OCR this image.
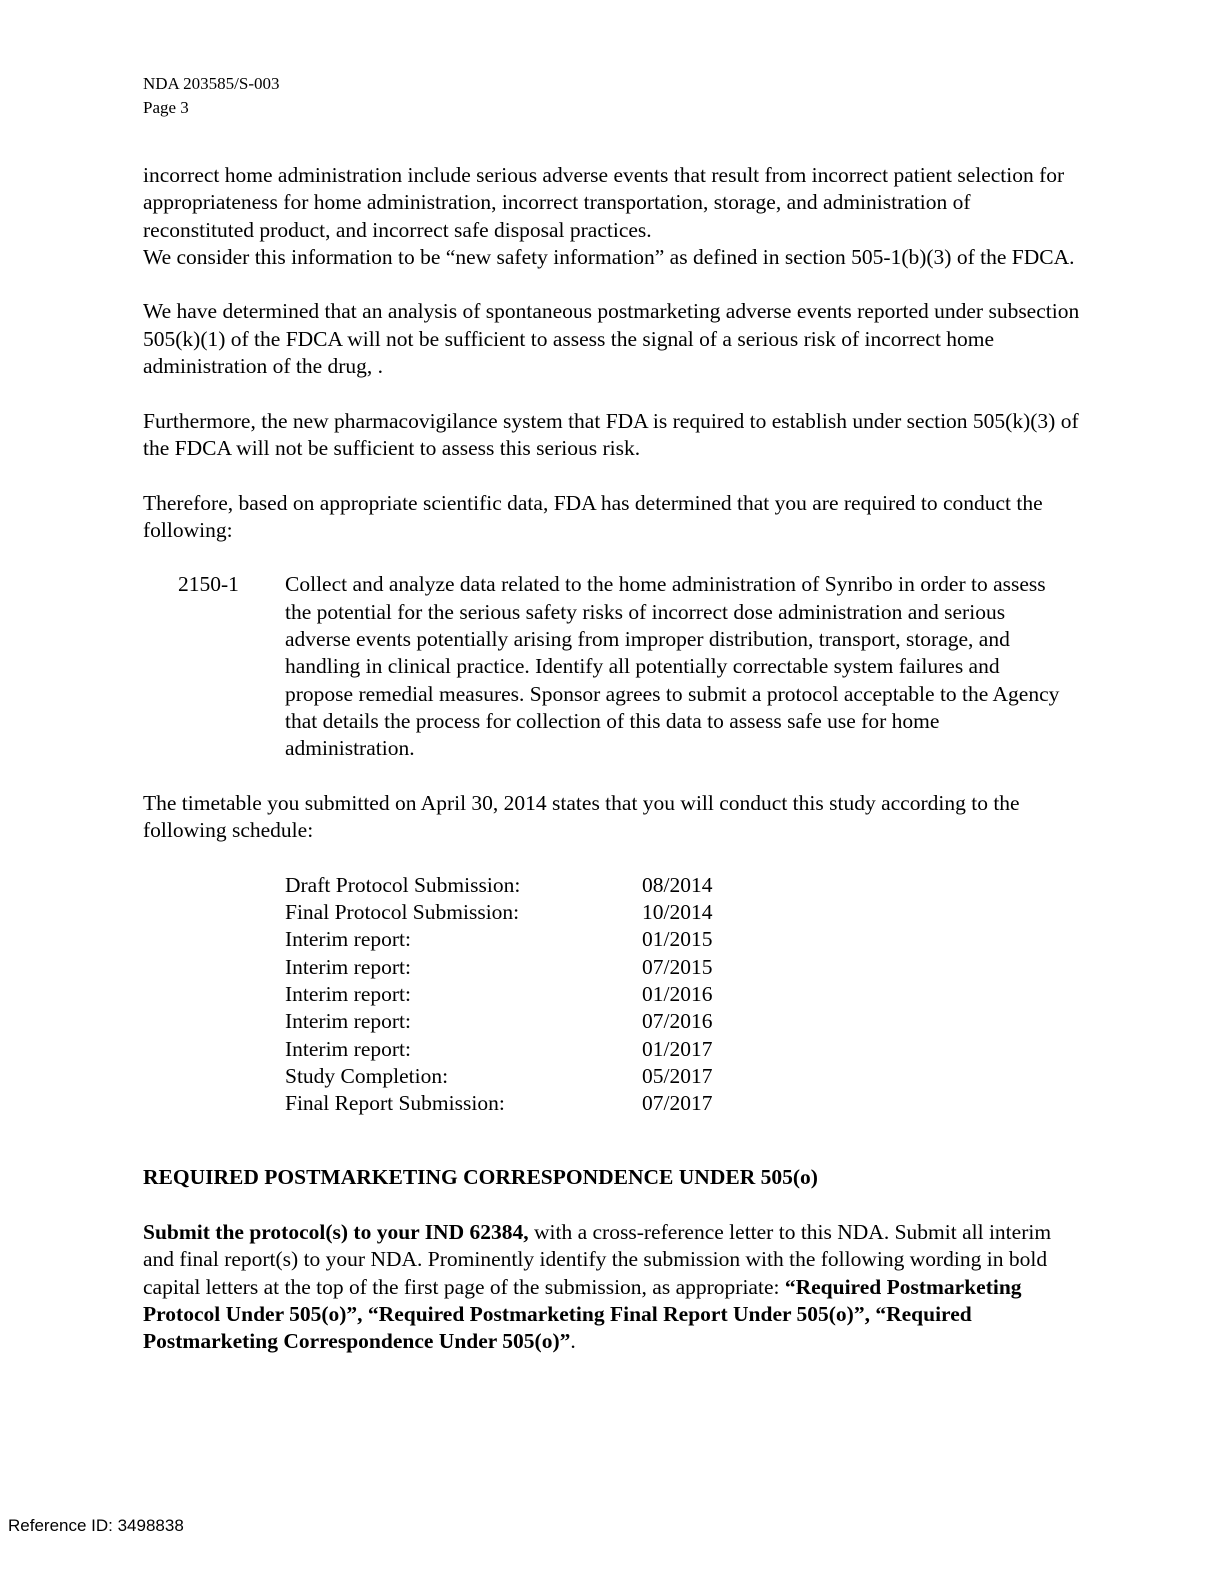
NDA 203585/S-003
Page 3

incorrect home administration include serious adverse events that result from incorrect patient selection for appropriateness for home administration, incorrect transportation, storage, and administration of reconstituted product, and incorrect safe disposal practices.
We consider this information to be “new safety information” as defined in section 505-1(b)(3) of the FDCA.

We have determined that an analysis of spontaneous postmarketing adverse events reported under subsection 505(k)(1) of the FDCA will not be sufficient to assess the signal of a serious risk of incorrect home administration of the drug, .

Furthermore, the new pharmacovigilance system that FDA is required to establish under section 505(k)(3) of the FDCA will not be sufficient to assess this serious risk.

Therefore, based on appropriate scientific data, FDA has determined that you are required to conduct the following:

2150-1	Collect and analyze data related to the home administration of Synribo in order to assess the potential for the serious safety risks of incorrect dose administration and serious adverse events potentially arising from improper distribution, transport, storage, and handling in clinical practice. Identify all potentially correctable system failures and propose remedial measures. Sponsor agrees to submit a protocol acceptable to the Agency that details the process for collection of this data to assess safe use for home administration.

The timetable you submitted on April 30, 2014 states that you will conduct this study according to the following schedule:

Draft Protocol Submission:	08/2014
Final Protocol Submission:	10/2014
Interim report:	01/2015
Interim report:	07/2015
Interim report:	01/2016
Interim report:	07/2016
Interim report:	01/2017
Study Completion:	05/2017
Final Report Submission:	07/2017

REQUIRED POSTMARKETING CORRESPONDENCE UNDER 505(o)

Submit the protocol(s) to your IND 62384, with a cross-reference letter to this NDA. Submit all interim and final report(s) to your NDA. Prominently identify the submission with the following wording in bold capital letters at the top of the first page of the submission, as appropriate: “Required Postmarketing Protocol Under 505(o)”, “Required Postmarketing Final Report Under 505(o)”, “Required Postmarketing Correspondence Under 505(o)”.

Reference ID: 3498838
